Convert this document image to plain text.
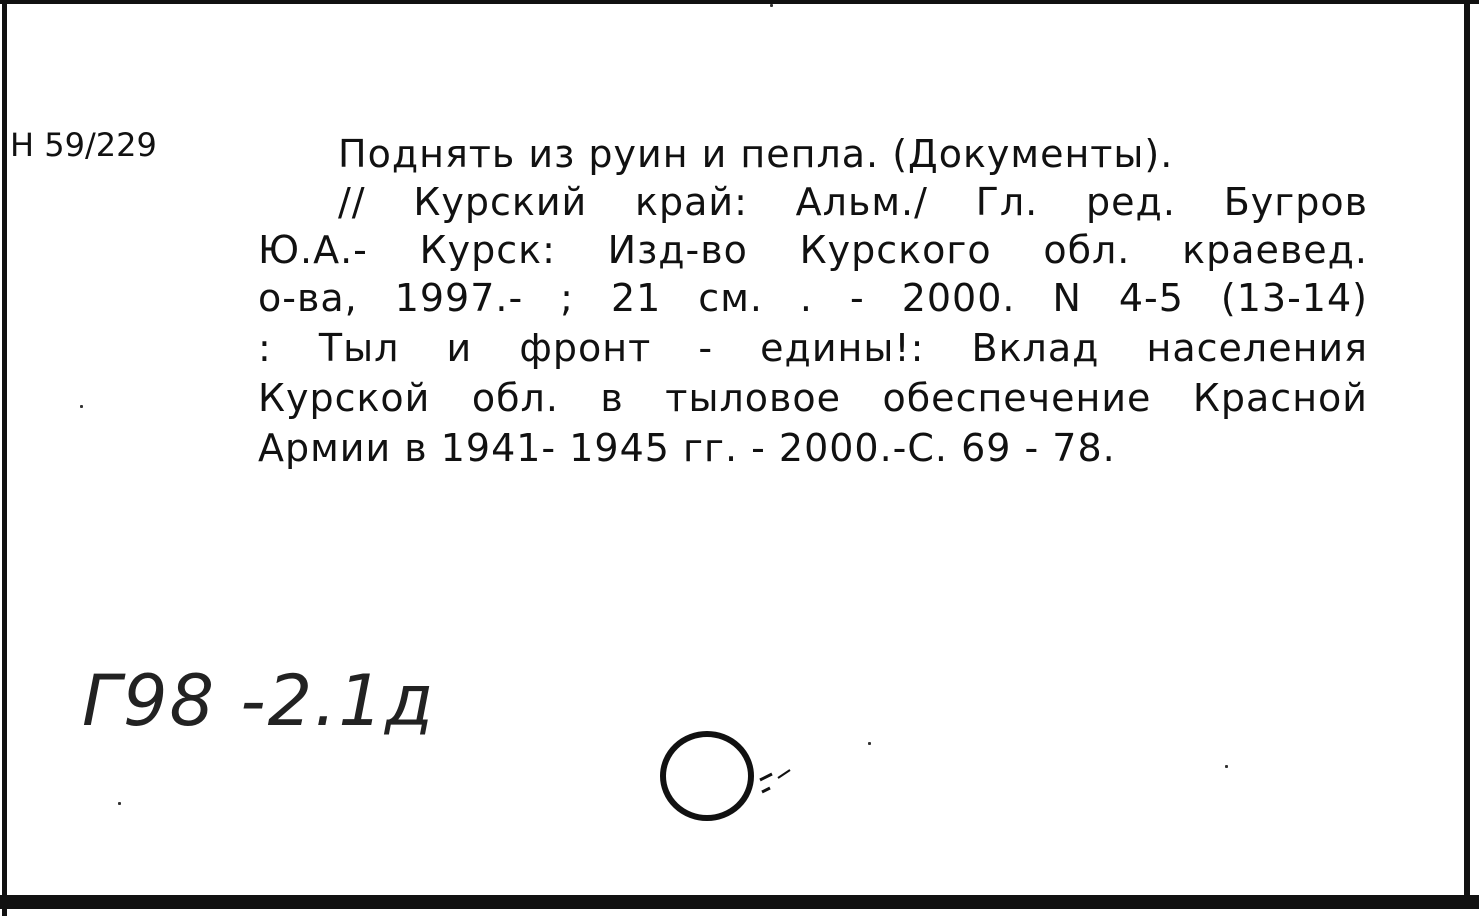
Н 59/229	Поднять из руин и пепла. (Документы).
// Курский край: Альм./ Гл. ред. Бугров
Ю.А.- Курск: Изд-во Курского обл. краевед.
о-ва, 1997.- ; 21 см. . - 2000. N 4-5 (13-14)
: Тыл и фронт - едины!: Вклад населения
Курской обл. в тыловое обеспечение Красной
Армии в 1941- 1945 гг. - 2000.-С. 69 - 78.
Г98 -2.1д
